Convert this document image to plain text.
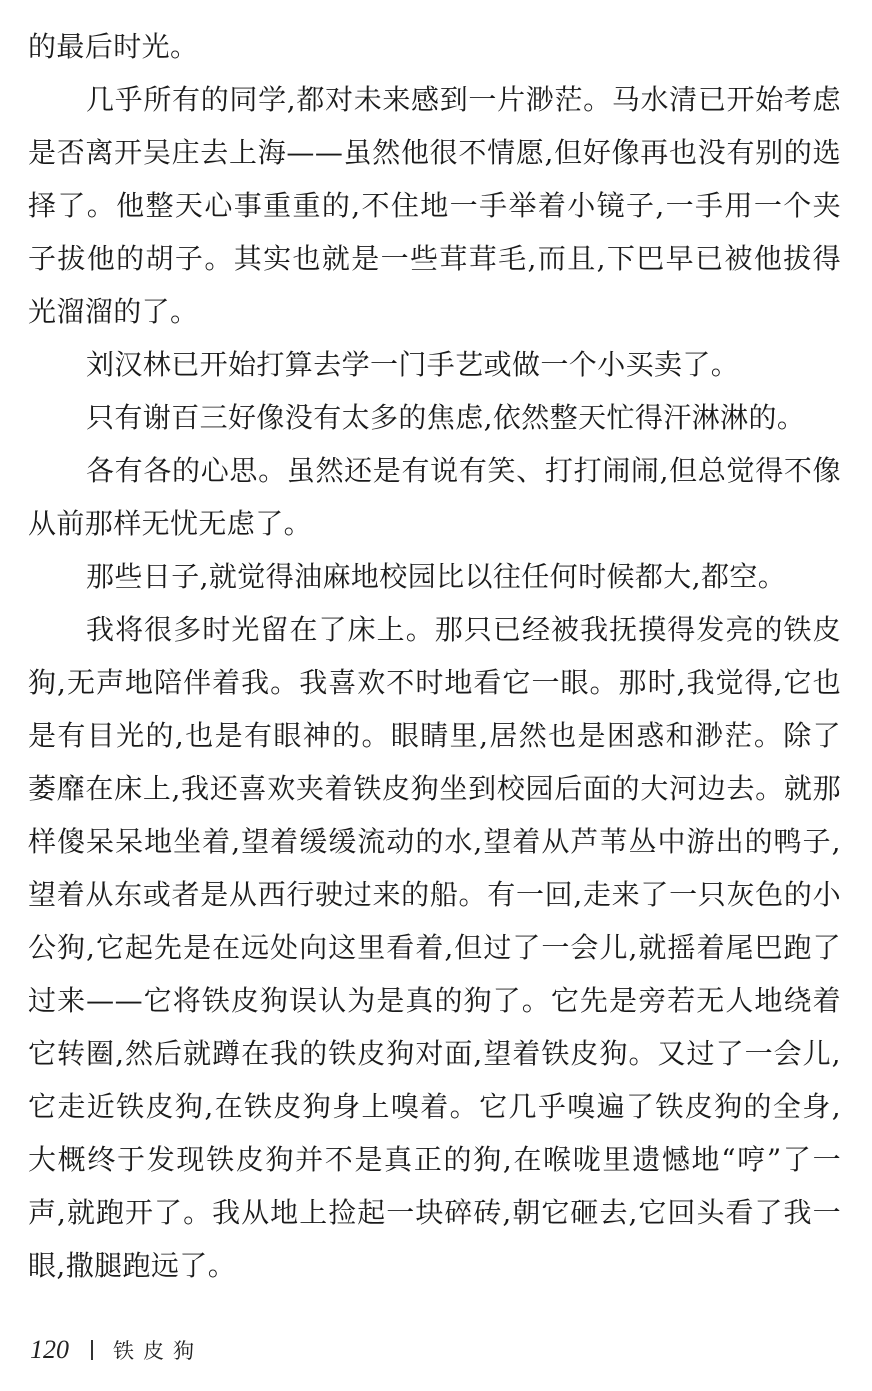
的最后时光。

几乎所有的同学,都对未来感到一片渺茫。马水清已开始考虑是否离开吴庄去上海——虽然他很不情愿,但好像再也没有别的选择了。他整天心事重重的,不住地一手举着小镜子,一手用一个夹子拔他的胡子。其实也就是一些茸茸毛,而且,下巴早已被他拔得光溜溜的了。

刘汉林已开始打算去学一门手艺或做一个小买卖了。

只有谢百三好像没有太多的焦虑,依然整天忙得汗淋淋的。

各有各的心思。虽然还是有说有笑、打打闹闹,但总觉得不像从前那样无忧无虑了。

那些日子,就觉得油麻地校园比以往任何时候都大,都空。

我将很多时光留在了床上。那只已经被我抚摸得发亮的铁皮狗,无声地陪伴着我。我喜欢不时地看它一眼。那时,我觉得,它也是有目光的,也是有眼神的。眼睛里,居然也是困惑和渺茫。除了萎靡在床上,我还喜欢夹着铁皮狗坐到校园后面的大河边去。就那样傻呆呆地坐着,望着缓缓流动的水,望着从芦苇丛中游出的鸭子,望着从东或者是从西行驶过来的船。有一回,走来了一只灰色的小公狗,它起先是在远处向这里看着,但过了一会儿,就摇着尾巴跑了过来——它将铁皮狗误认为是真的狗了。它先是旁若无人地绕着它转圈,然后就蹲在我的铁皮狗对面,望着铁皮狗。又过了一会儿,它走近铁皮狗,在铁皮狗身上嗅着。它几乎嗅遍了铁皮狗的全身,大概终于发现铁皮狗并不是真正的狗,在喉咙里遗憾地“哼”了一声,就跑开了。我从地上捡起一块碎砖,朝它砸去,它回头看了我一眼,撒腿跑远了。

120 铁皮狗
